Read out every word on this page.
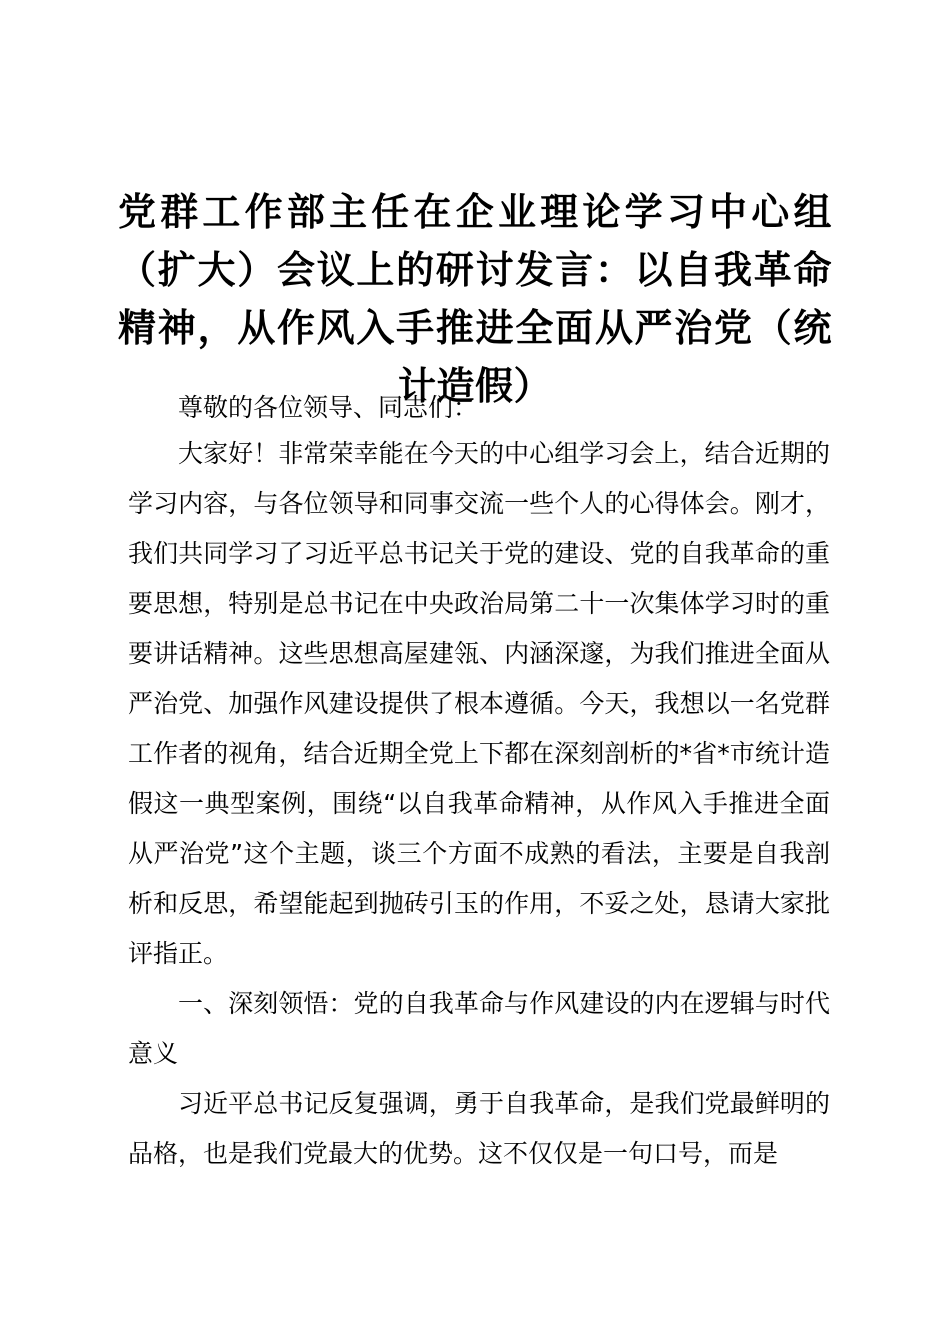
党群工作部主任在企业理论学习中心组（扩大）会议上的研讨发言：以自我革命精神，从作风入手推进全面从严治党（统计造假）

尊敬的各位领导、同志们：

大家好！非常荣幸能在今天的中心组学习会上，结合近期的学习内容，与各位领导和同事交流一些个人的心得体会。刚才，我们共同学习了习近平总书记关于党的建设、党的自我革命的重要思想，特别是总书记在中央政治局第二十一次集体学习时的重要讲话精神。这些思想高屋建瓴、内涵深邃，为我们推进全面从严治党、加强作风建设提供了根本遵循。今天，我想以一名党群工作者的视角，结合近期全党上下都在深刻剖析的*省*市统计造假这一典型案例，围绕“以自我革命精神，从作风入手推进全面从严治党”这个主题，谈三个方面不成熟的看法，主要是自我剖析和反思，希望能起到抛砖引玉的作用，不妥之处，恳请大家批评指正。

一、深刻领悟：党的自我革命与作风建设的内在逻辑与时代意义

习近平总书记反复强调，勇于自我革命，是我们党最鲜明的品格，也是我们党最大的优势。这不仅仅是一句口号，而是
